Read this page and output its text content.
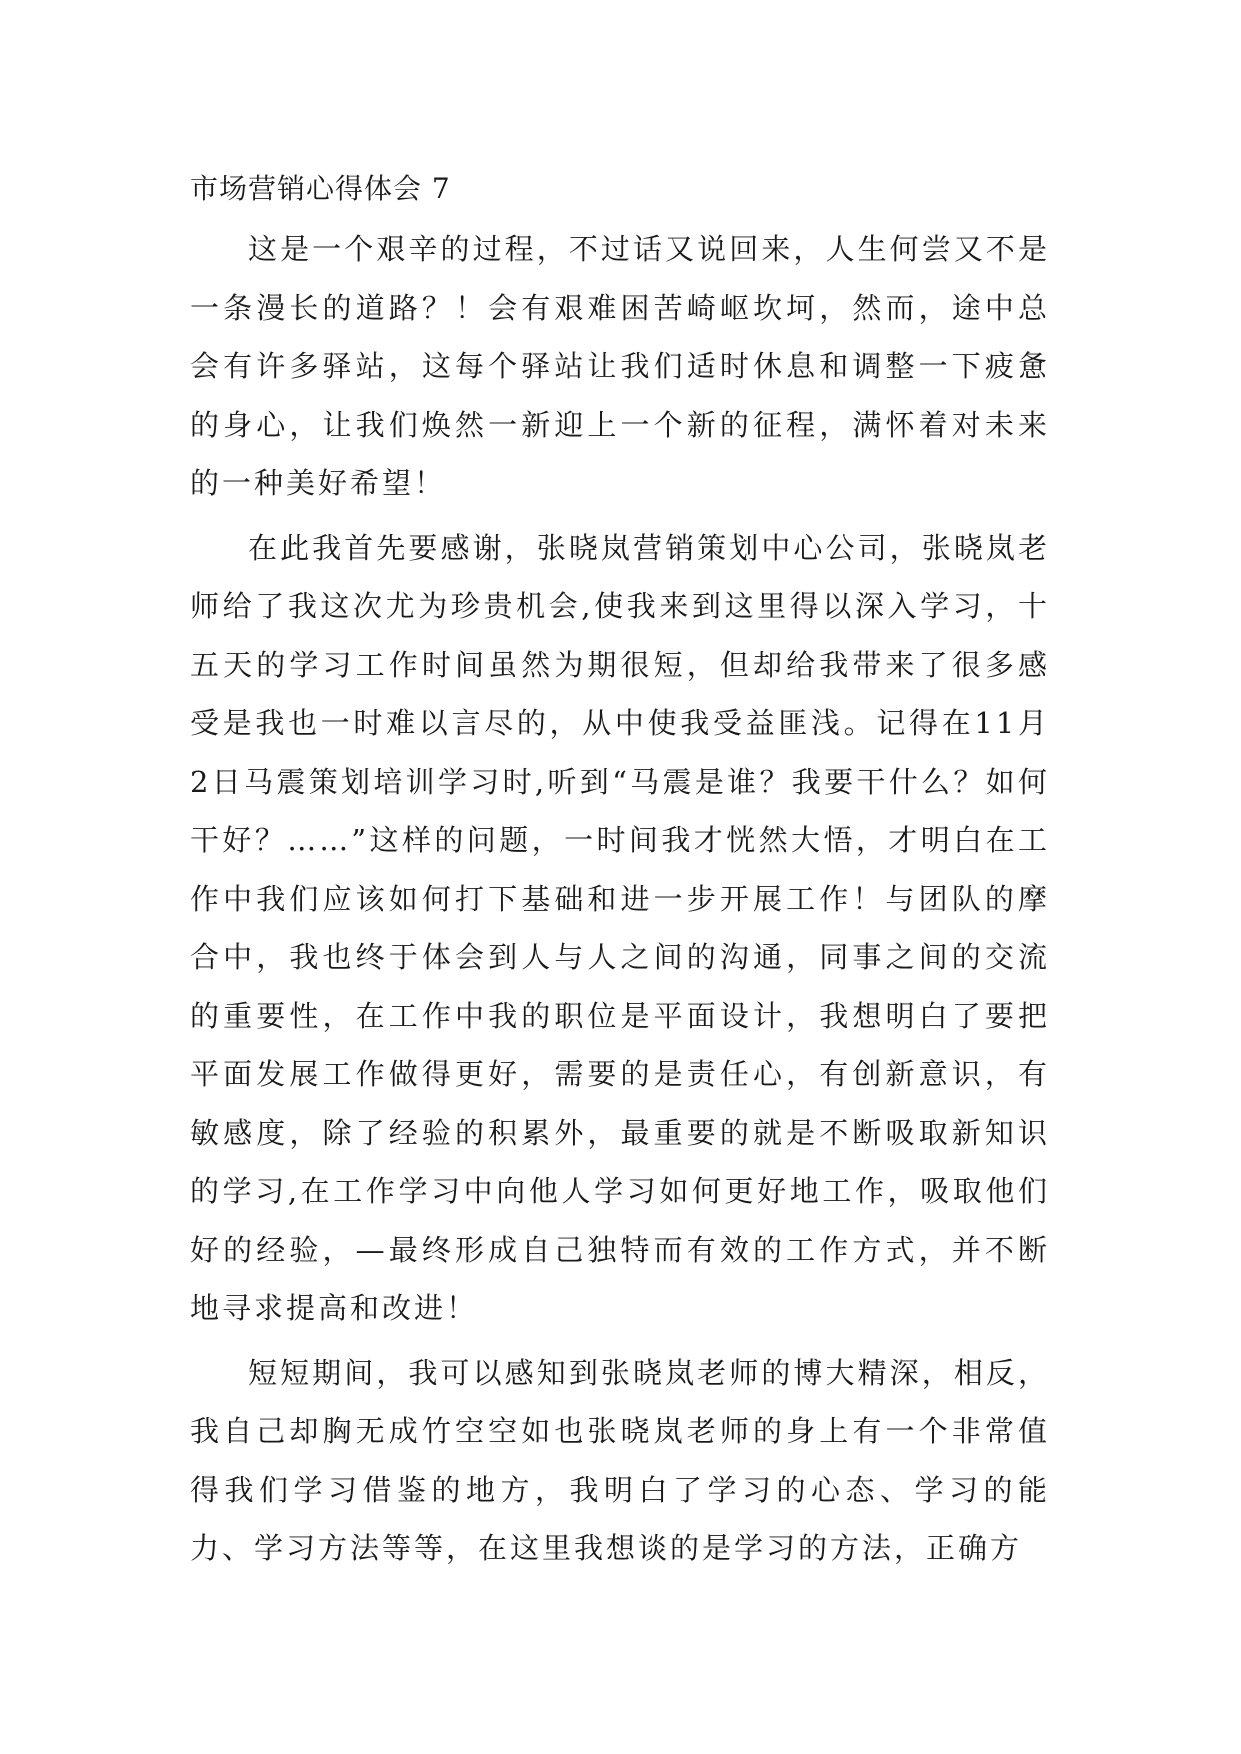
市场营销心得体会 7

这是一个艰辛的过程，不过话又说回来，人生何尝又不是一条漫长的道路？！会有艰难困苦崎岖坎坷，然而，途中总会有许多驿站，这每个驿站让我们适时休息和调整一下疲惫的身心，让我们焕然一新迎上一个新的征程，满怀着对未来的一种美好希望！

在此我首先要感谢，张晓岚营销策划中心公司，张晓岚老师给了我这次尤为珍贵机会,使我来到这里得以深入学习，十五天的学习工作时间虽然为期很短，但却给我带来了很多感受是我也一时难以言尽的，从中使我受益匪浅。记得在11月2日马震策划培训学习时,听到“马震是谁？我要干什么？如何干好？……”这样的问题，一时间我才恍然大悟，才明白在工作中我们应该如何打下基础和进一步开展工作！与团队的摩合中，我也终于体会到人与人之间的沟通，同事之间的交流的重要性，在工作中我的职位是平面设计，我想明白了要把平面发展工作做得更好，需要的是责任心，有创新意识，有敏感度，除了经验的积累外，最重要的就是不断吸取新知识的学习,在工作学习中向他人学习如何更好地工作，吸取他们好的经验，—最终形成自己独特而有效的工作方式，并不断地寻求提高和改进！

短短期间，我可以感知到张晓岚老师的博大精深，相反，我自己却胸无成竹空空如也张晓岚老师的身上有一个非常值得我们学习借鉴的地方，我明白了学习的心态、学习的能力、学习方法等等，在这里我想谈的是学习的方法，正确方
